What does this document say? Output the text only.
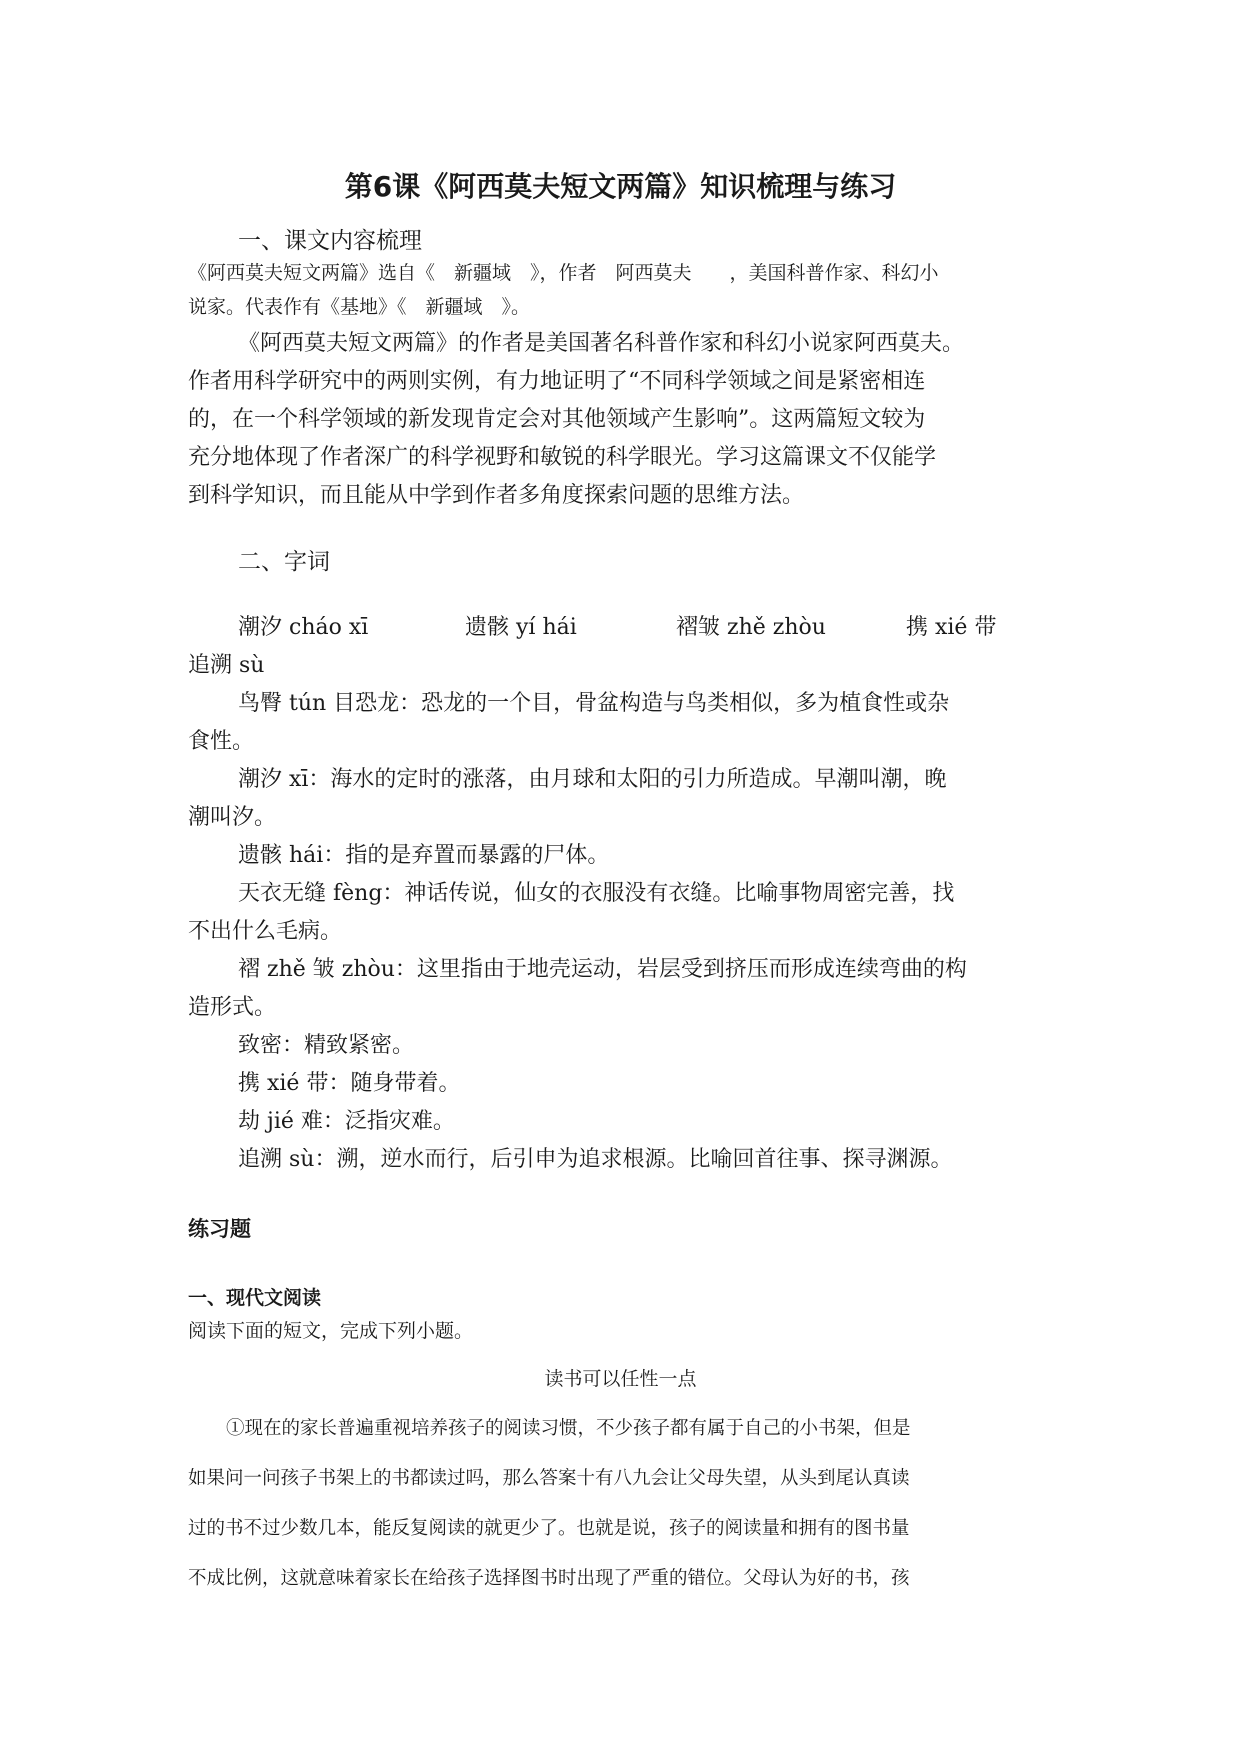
第6课《阿西莫夫短文两篇》知识梳理与练习
一、课文内容梳理
《阿西莫夫短文两篇》选自《　新疆域　》，作者　阿西莫夫　　，美国科普作家、科幻小
说家。代表作有《基地》《　新疆域　》。
《阿西莫夫短文两篇》的作者是美国著名科普作家和科幻小说家阿西莫夫。
作者用科学研究中的两则实例，有力地证明了“不同科学领域之间是紧密相连
的，在一个科学领域的新发现肯定会对其他领域产生影响”。这两篇短文较为
充分地体现了作者深广的科学视野和敏锐的科学眼光。学习这篇课文不仅能学
到科学知识，而且能从中学到作者多角度探索问题的思维方法。
二、字词
潮汐 cháo xī	遗骸 yí hái	褶皱 zhě zhòu	携 xié 带
追溯 sù
鸟臀 tún 目恐龙：恐龙的一个目，骨盆构造与鸟类相似，多为植食性或杂
食性。
潮汐 xī：海水的定时的涨落，由月球和太阳的引力所造成。早潮叫潮，晚
潮叫汐。
遗骸 hái：指的是弃置而暴露的尸体。
天衣无缝 fèng：神话传说，仙女的衣服没有衣缝。比喻事物周密完善，找
不出什么毛病。
褶 zhě 皱 zhòu：这里指由于地壳运动，岩层受到挤压而形成连续弯曲的构
造形式。
致密：精致紧密。
携 xié 带：随身带着。
劫 jié 难：泛指灾难。
追溯 sù：溯，逆水而行，后引申为追求根源。比喻回首往事、探寻渊源。
练习题
一、现代文阅读
阅读下面的短文，完成下列小题。
读书可以任性一点
①现在的家长普遍重视培养孩子的阅读习惯，不少孩子都有属于自己的小书架，但是
如果问一问孩子书架上的书都读过吗，那么答案十有八九会让父母失望，从头到尾认真读
过的书不过少数几本，能反复阅读的就更少了。也就是说，孩子的阅读量和拥有的图书量
不成比例，这就意味着家长在给孩子选择图书时出现了严重的错位。父母认为好的书，孩
